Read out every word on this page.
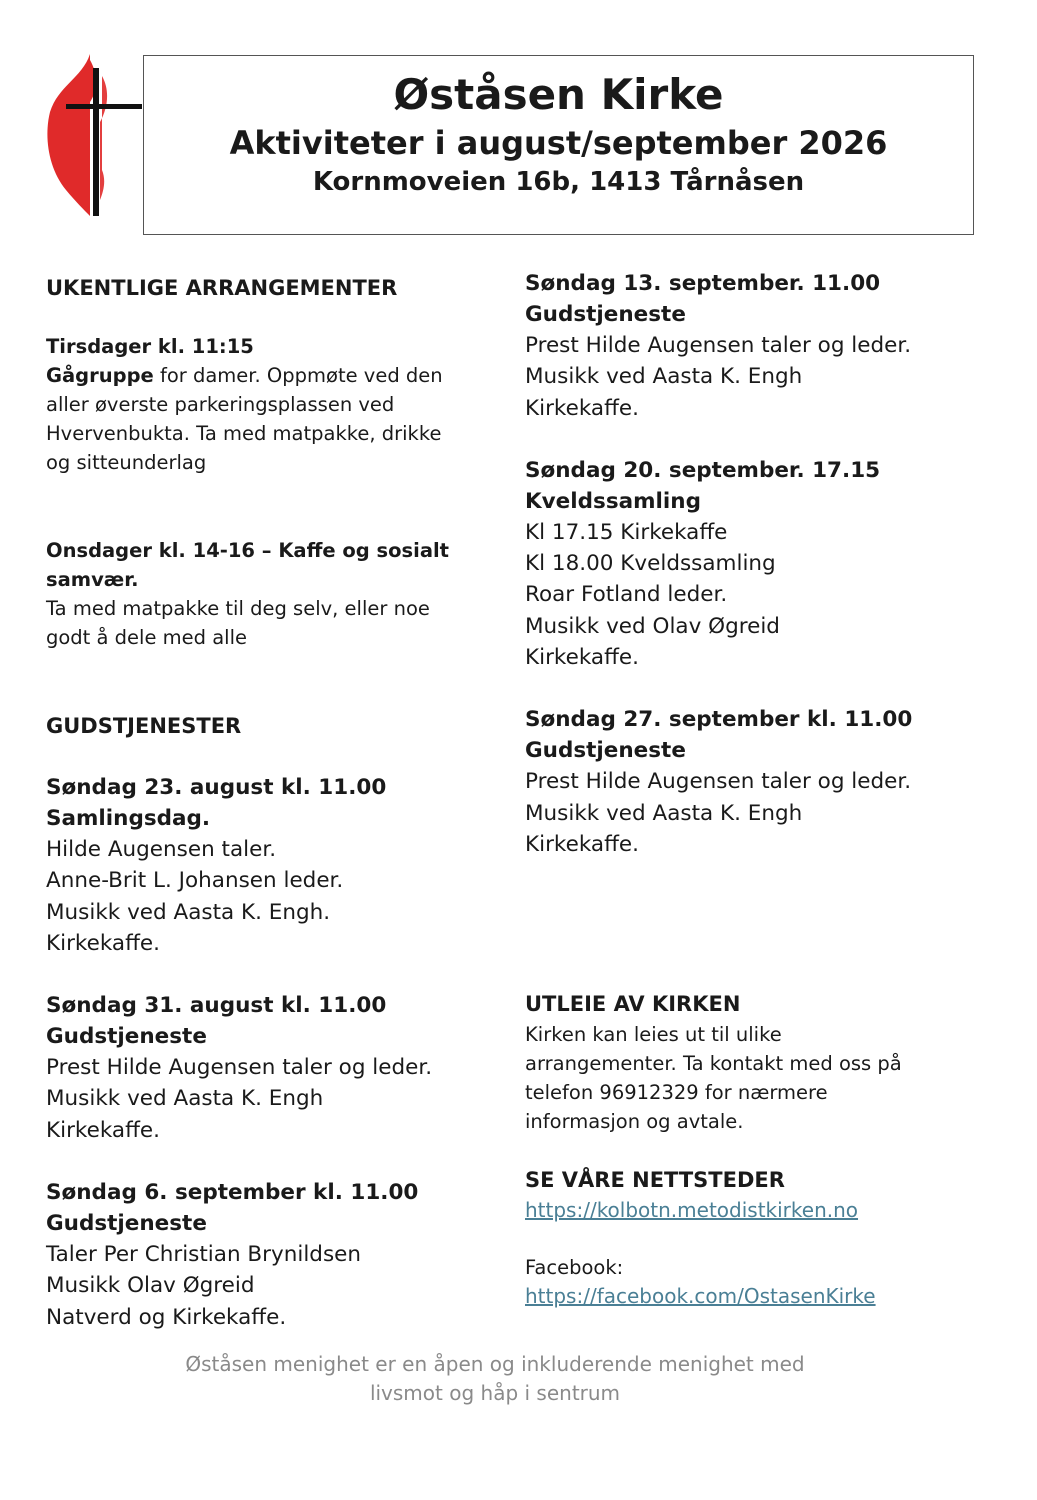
Øståsen Kirke
Aktiviteter i august/september 2026
Kornmoveien 16b, 1413 Tårnåsen
UKENTLIGE ARRANGEMENTER
Tirsdager kl. 11:15
Gågruppe for damer. Oppmøte ved den
aller øverste parkeringsplassen ved
Hvervenbukta. Ta med matpakke, drikke
og sitteunderlag
Onsdager kl. 14-16 – Kaffe og sosialt
samvær.
Ta med matpakke til deg selv, eller noe
godt å dele med alle
GUDSTJENESTER
Søndag 23. august kl. 11.00
Samlingsdag.
Hilde Augensen taler.
Anne-Brit L. Johansen leder.
Musikk ved Aasta K. Engh.
Kirkekaffe.
Søndag 31. august kl. 11.00
Gudstjeneste
Prest Hilde Augensen taler og leder.
Musikk ved Aasta K. Engh
Kirkekaffe.
Søndag 6. september kl. 11.00
Gudstjeneste
Taler Per Christian Brynildsen
Musikk Olav Øgreid
Natverd og Kirkekaffe.
Søndag 13. september. 11.00
Gudstjeneste
Prest Hilde Augensen taler og leder.
Musikk ved Aasta K. Engh
Kirkekaffe.
Søndag 20. september. 17.15
Kveldssamling
Kl 17.15 Kirkekaffe
Kl 18.00 Kveldssamling
Roar Fotland leder.
Musikk ved Olav Øgreid
Kirkekaffe.
Søndag 27. september kl. 11.00
Gudstjeneste
Prest Hilde Augensen taler og leder.
Musikk ved Aasta K. Engh
Kirkekaffe.
UTLEIE AV KIRKEN
Kirken kan leies ut til ulike
arrangementer. Ta kontakt med oss på
telefon 96912329 for nærmere
informasjon og avtale.
SE VÅRE NETTSTEDER
https://kolbotn.metodistkirken.no
Facebook:
https://facebook.com/OstasenKirke
Øståsen menighet er en åpen og inkluderende menighet med
livsmot og håp i sentrum
